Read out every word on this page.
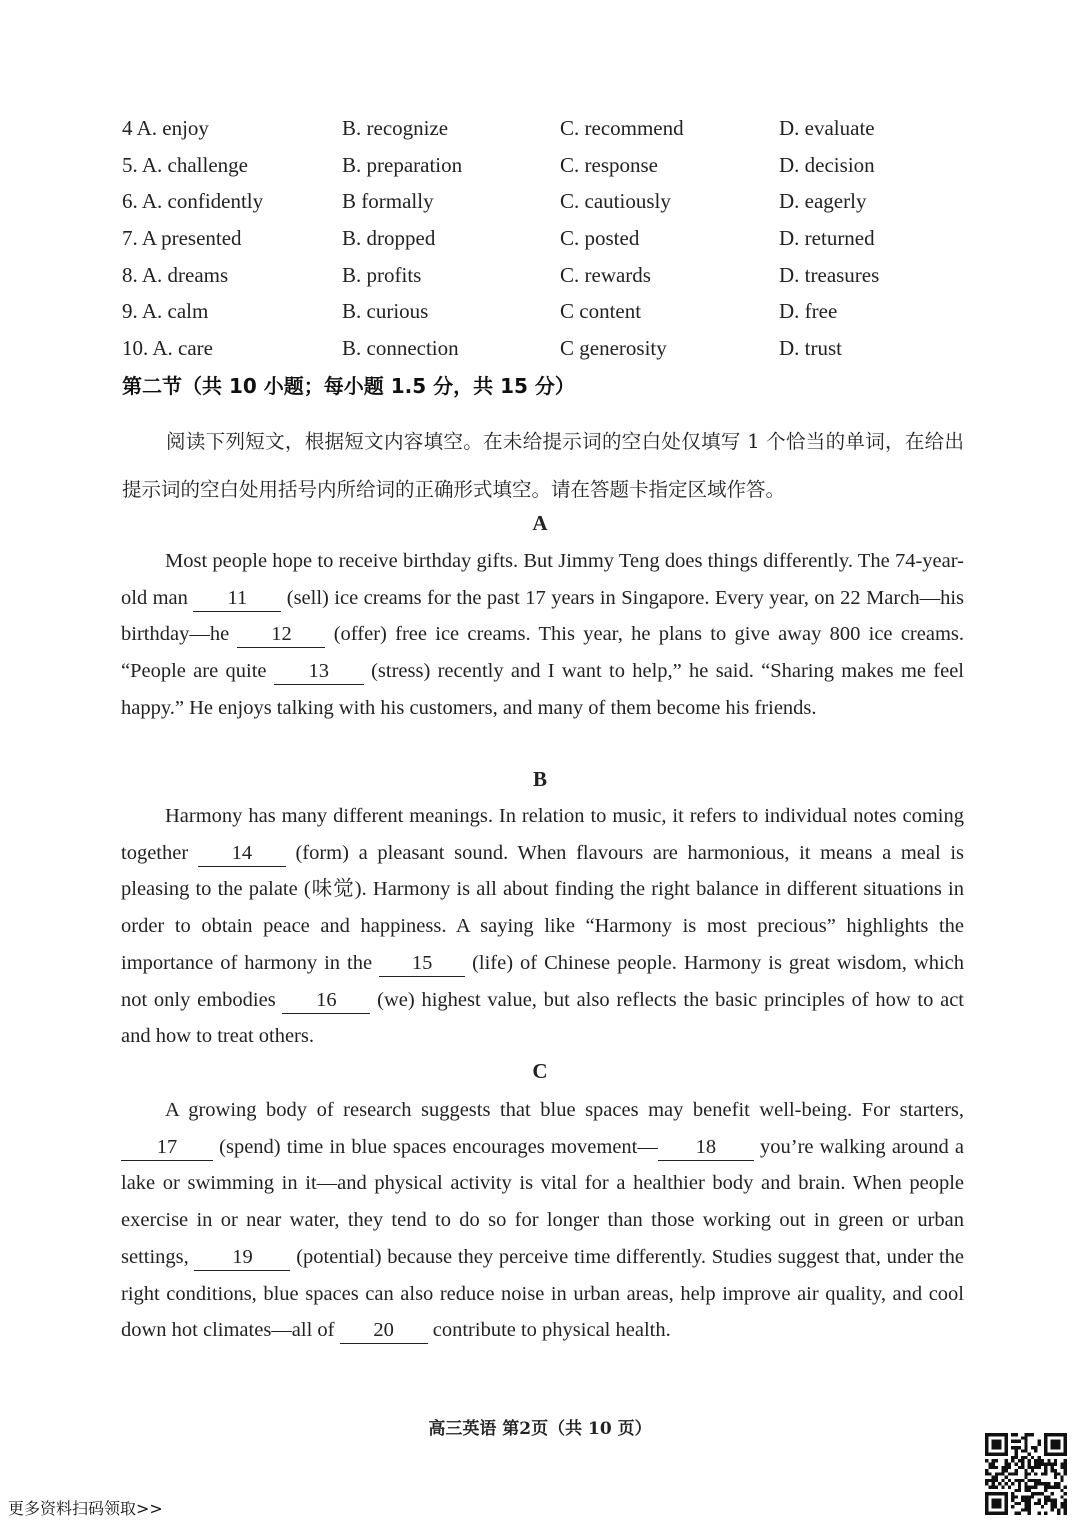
4 A. enjoy	B. recognize	C. recommend	D. evaluate
5. A. challenge	B. preparation	C. response	D. decision
6. A. confidently	B formally	C. cautiously	D. eagerly
7. A presented	B. dropped	C. posted	D. returned
8. A. dreams	B. profits	C. rewards	D. treasures
9. A. calm	B. curious	C content	D. free
10. A. care	B. connection	C generosity	D. trust
第二节（共 10 小题；每小题 1.5 分，共 15 分）
阅读下列短文，根据短文内容填空。在未给提示词的空白处仅填写 1 个恰当的单词，在给出提示词的空白处用括号内所给词的正确形式填空。请在答题卡指定区域作答。
A
Most people hope to receive birthday gifts. But Jimmy Teng does things differently. The 74-year-old man 11 (sell) ice creams for the past 17 years in Singapore. Every year, on 22 March—his birthday—he 12 (offer) free ice creams. This year, he plans to give away 800 ice creams. “People are quite 13 (stress) recently and I want to help,” he said. “Sharing makes me feel happy.” He enjoys talking with his customers, and many of them become his friends.
B
Harmony has many different meanings. In relation to music, it refers to individual notes coming together 14 (form) a pleasant sound. When flavours are harmonious, it means a meal is pleasing to the palate (味觉). Harmony is all about finding the right balance in different situations in order to obtain peace and happiness. A saying like “Harmony is most precious” highlights the importance of harmony in the 15 (life) of Chinese people. Harmony is great wisdom, which not only embodies 16 (we) highest value, but also reflects the basic principles of how to act and how to treat others.
C
A growing body of research suggests that blue spaces may benefit well-being. For starters, 17 (spend) time in blue spaces encourages movement— 18 you’re walking around a lake or swimming in it—and physical activity is vital for a healthier body and brain. When people exercise in or near water, they tend to do so for longer than those working out in green or urban settings, 19 (potential) because they perceive time differently. Studies suggest that, under the right conditions, blue spaces can also reduce noise in urban areas, help improve air quality, and cool down hot climates—all of 20 contribute to physical health.
高三英语 第2页（共 10 页）
更多资料扫码领取>>
